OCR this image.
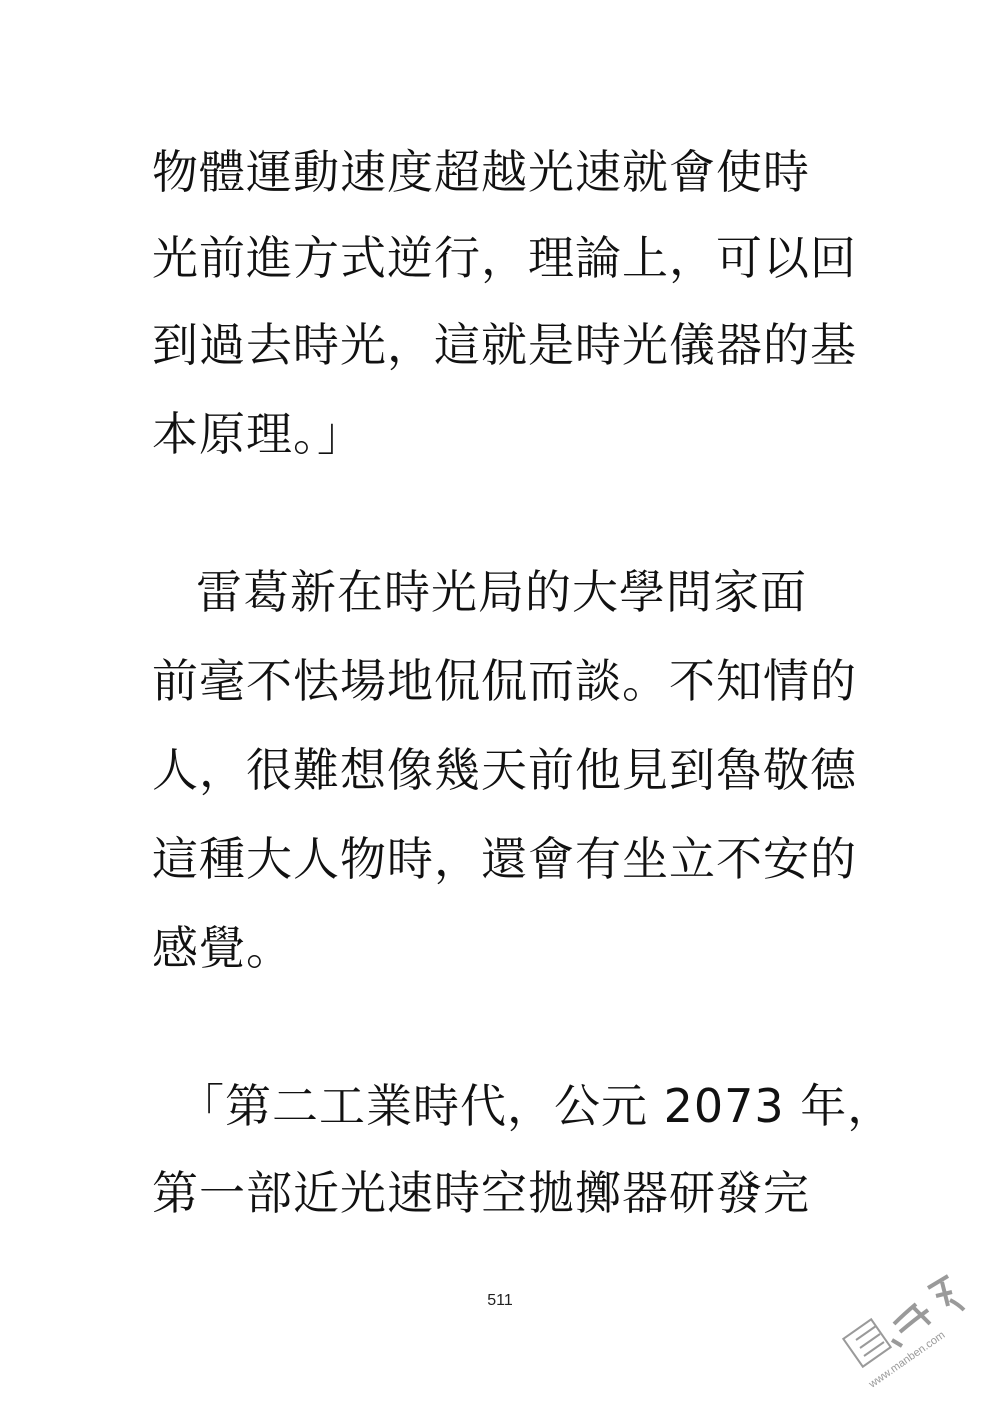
物體運動速度超越光速就會使時
光前進方式逆行，理論上，可以回
到過去時光，這就是時光儀器的基
本原理。」
雷葛新在時光局的大學問家面
前毫不怯場地侃侃而談。不知情的
人，很難想像幾天前他見到魯敬德
這種大人物時，還會有坐立不安的
感覺。
「第二工業時代，公元 2073 年，
第一部近光速時空拋擲器研發完
511
www.manben.com
